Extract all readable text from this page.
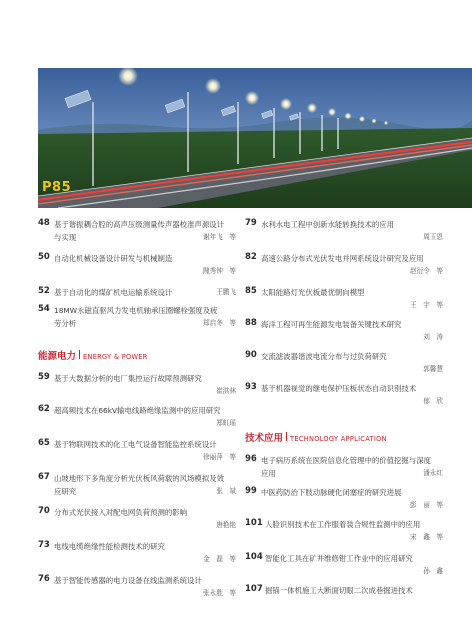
P85
48 基于谐振耦合腔的高声压级测量传声器校准声源设计与实现	谢年飞　等
50 自动化机械设备设计研发与机械制造
隗秀钟　等
52 基于自动化的煤矿机电运输系统设计	王鹏飞
54 18MW永磁直驱风力发电机轴承压圈螺栓强度及疲劳分析	郑启冬　等
能源电力 ENERGY & POWER
59 基于大数据分析的电厂集控运行故障预测研究
崔洪林
62 超高频技术在66kV输电线路绝缘监测中的应用研究
郑虹瑶
65 基于物联网技术的化工电气设备智能监控系统设计
徐丽萍　等
67 山坡地形下多角度分析光伏板风荷载的风场模拟及效应研究	张　斌
70 分布式光伏接入对配电网负荷预测的影响
唐艳艳
73 电线电缆绝缘性能检测技术的研究
金　磊　等
76 基于智能传感器的电力设备在线监测系统设计
张永胜　等
79 水利水电工程中创新水能转换技术的应用
周玉恩
82 高速公路分布式光伏发电并网系统设计研究及应用
赵衍令　等
85 太阳能路灯光伏板最优朝向模型
王　宇　等
88 海洋工程可再生能源发电装备关键技术研究
刘　涛
90 交流滤波器谐波电流分布与过负荷研究
郭馨慧
93 基于机器视觉的继电保护压板状态自动识别技术
郁　欣
技术应用 TECHNOLOGY APPLICATION
96 电子病历系统在医院信息化管理中的价值挖掘与深度应用	潘永红
99 中医药防治下肢动脉硬化闭塞症的研究进展
彭　丽　等
101 人脸识别技术在工作服着装合规性监测中的应用
宋　鑫　等
104 智能化工具在矿井维修钳工作业中的应用研究
孙　鑫
107 掘锚一体机施工大断面切眼二次成巷掘进技术
